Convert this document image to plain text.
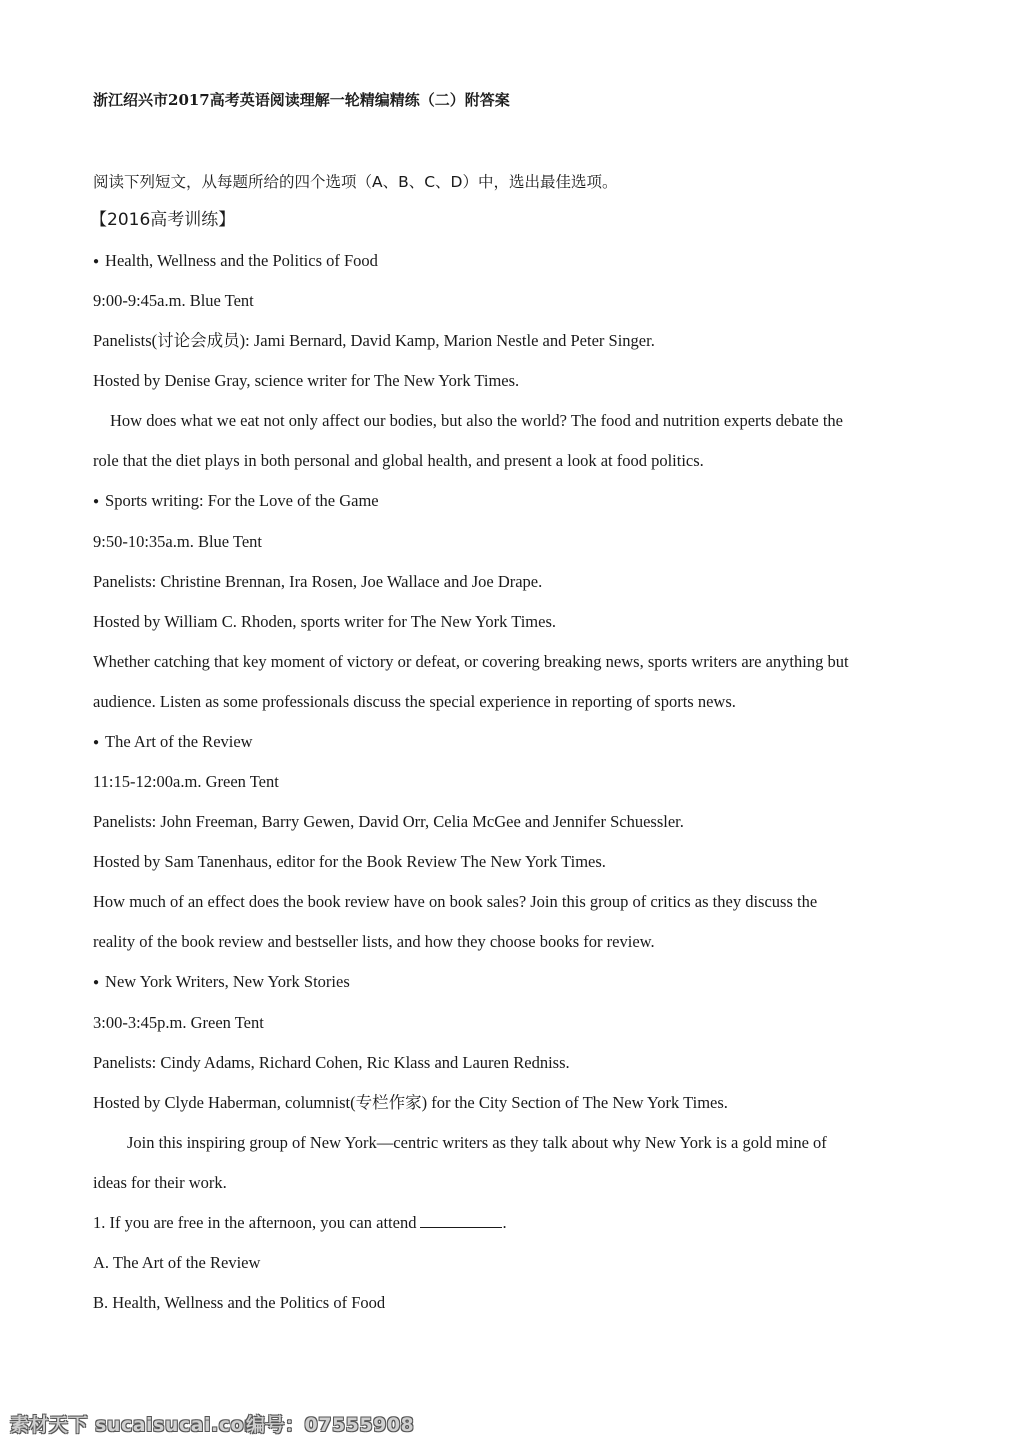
浙江绍兴市2017高考英语阅读理解一轮精编精练（二）附答案
阅读下列短文，从每题所给的四个选项（A、B、C、D）中，选出最佳选项。
【2016高考训练】
● Health, Wellness and the Politics of Food
9:00-9:45a.m. Blue Tent
Panelists(讨论会成员): Jami Bernard, David Kamp, Marion Nestle and Peter Singer.
Hosted by Denise Gray, science writer for The New York Times.
How does what we eat not only affect our bodies, but also the world? The food and nutrition experts debate the
role that the diet plays in both personal and global health, and present a look at food politics.
● Sports writing: For the Love of the Game
9:50-10:35a.m. Blue Tent
Panelists: Christine Brennan, Ira Rosen, Joe Wallace and Joe Drape.
Hosted by William C. Rhoden, sports writer for The New York Times.
Whether catching that key moment of victory or defeat, or covering breaking news, sports writers are anything but
audience. Listen as some professionals discuss the special experience in reporting of sports news.
● The Art of the Review
11:15-12:00a.m. Green Tent
Panelists: John Freeman, Barry Gewen, David Orr, Celia McGee and Jennifer Schuessler.
Hosted by Sam Tanenhaus, editor for the Book Review The New York Times.
How much of an effect does the book review have on book sales? Join this group of critics as they discuss the
reality of the book review and bestseller lists, and how they choose books for review.
● New York Writers, New York Stories
3:00-3:45p.m. Green Tent
Panelists: Cindy Adams, Richard Cohen, Ric Klass and Lauren Redniss.
Hosted by Clyde Haberman, columnist(专栏作家) for the City Section of The New York Times.
Join this inspiring group of New York—centric writers as they talk about why New York is a gold mine of
ideas for their work.
1. If you are free in the afternoon, you can attend	.
A. The Art of the Review
B. Health, Wellness and the Politics of Food
素材天下 sucaisucai.com
编号：07555908
